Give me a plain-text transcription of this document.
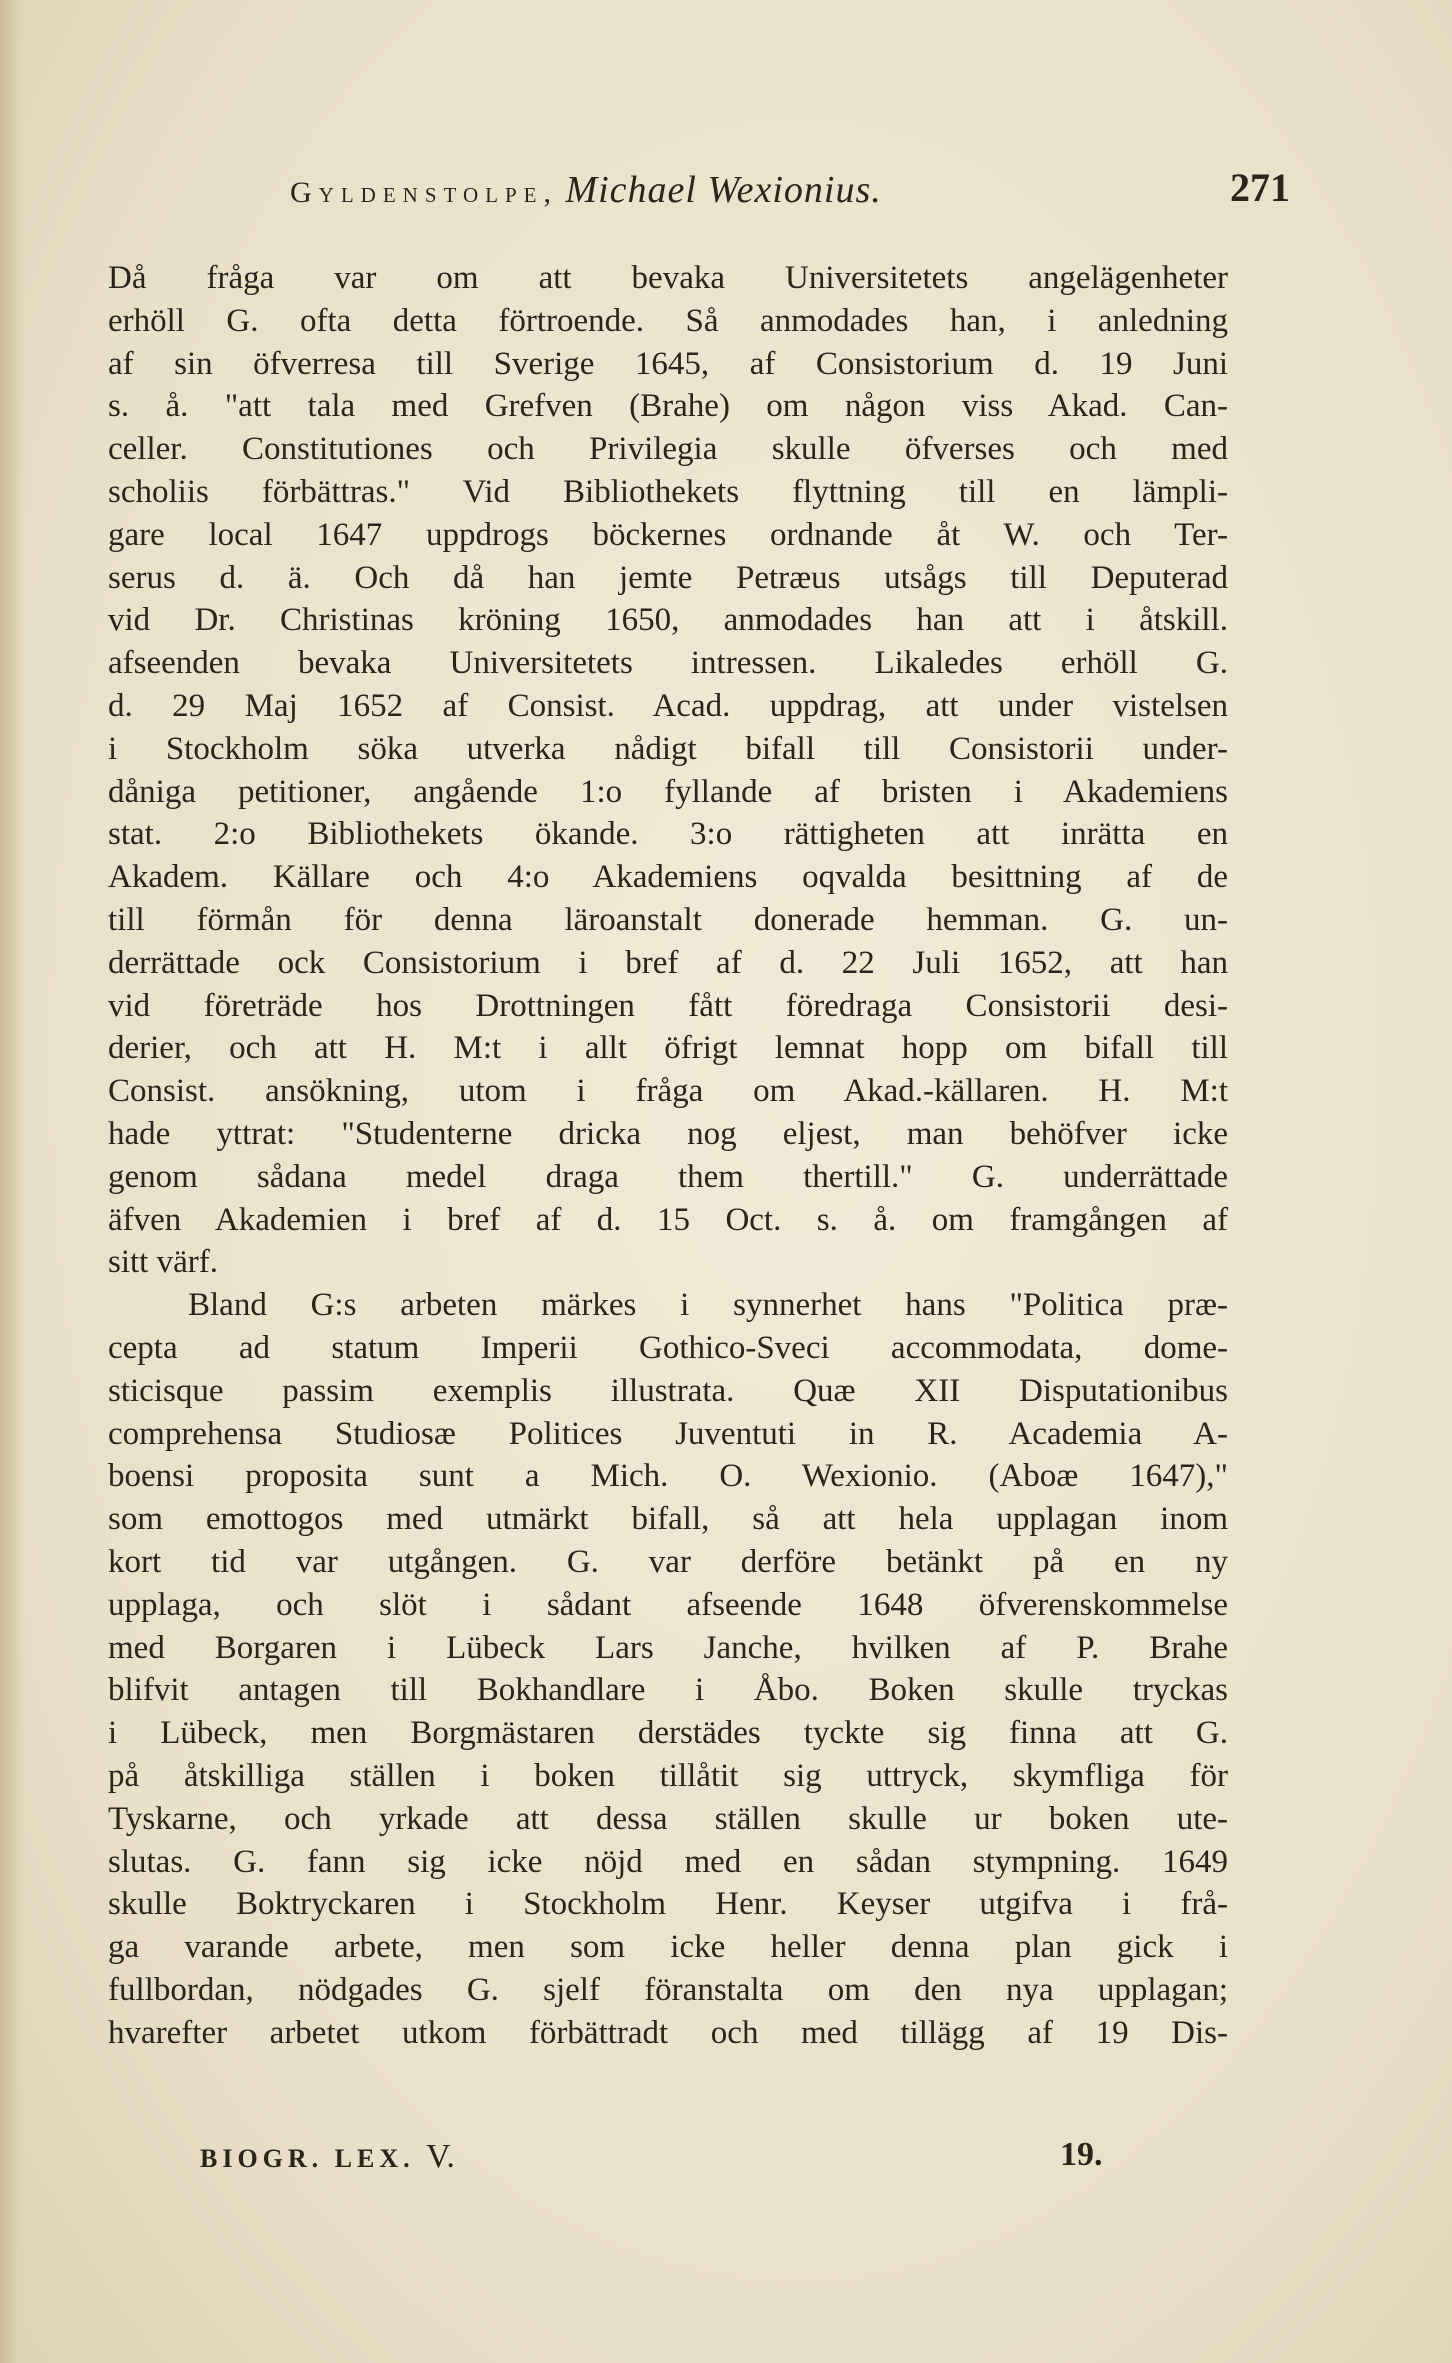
Gyldenstolpe, Michael Wexionius.	271
Då fråga var om att bevaka Universitetets angelägenheter
erhöll G. ofta detta förtroende. Så anmodades han, i anledning
af sin öfverresa till Sverige 1645, af Consistorium d. 19 Juni
s. å. "att tala med Grefven (Brahe) om någon viss Akad. Can-
celler. Constitutiones och Privilegia skulle öfverses och med
scholiis förbättras." Vid Bibliothekets flyttning till en lämpli-
gare local 1647 uppdrogs böckernes ordnande åt W. och Ter-
serus d. ä. Och då han jemte Petræus utsågs till Deputerad
vid Dr. Christinas kröning 1650, anmodades han att i åtskill.
afseenden bevaka Universitetets intressen. Likaledes erhöll G.
d. 29 Maj 1652 af Consist. Acad. uppdrag, att under vistelsen
i Stockholm söka utverka nådigt bifall till Consistorii under-
dåniga petitioner, angående 1:o fyllande af bristen i Akademiens
stat. 2:o Bibliothekets ökande. 3:o rättigheten att inrätta en
Akadem. Källare och 4:o Akademiens oqvalda besittning af de
till förmån för denna läroanstalt donerade hemman. G. un-
derrättade ock Consistorium i bref af d. 22 Juli 1652, att han
vid företräde hos Drottningen fått föredraga Consistorii desi-
derier, och att H. M:t i allt öfrigt lemnat hopp om bifall till
Consist. ansökning, utom i fråga om Akad.-källaren. H. M:t
hade yttrat: "Studenterne dricka nog eljest, man behöfver icke
genom sådana medel draga them thertill." G. underrättade
äfven Akademien i bref af d. 15 Oct. s. å. om framgången af
sitt värf.
Bland G:s arbeten märkes i synnerhet hans "Politica præ-
cepta ad statum Imperii Gothico-Sveci accommodata, dome-
sticisque passim exemplis illustrata. Quæ XII Disputationibus
comprehensa Studiosæ Politices Juventuti in R. Academia A-
boensi proposita sunt a Mich. O. Wexionio. (Aboæ 1647),"
som emottogos med utmärkt bifall, så att hela upplagan inom
kort tid var utgången. G. var derföre betänkt på en ny
upplaga, och slöt i sådant afseende 1648 öfverenskommelse
med Borgaren i Lübeck Lars Janche, hvilken af P. Brahe
blifvit antagen till Bokhandlare i Åbo. Boken skulle tryckas
i Lübeck, men Borgmästaren derstädes tyckte sig finna att G.
på åtskilliga ställen i boken tillåtit sig uttryck, skymfliga för
Tyskarne, och yrkade att dessa ställen skulle ur boken ute-
slutas. G. fann sig icke nöjd med en sådan stympning. 1649
skulle Boktryckaren i Stockholm Henr. Keyser utgifva i frå-
ga varande arbete, men som icke heller denna plan gick i
fullbordan, nödgades G. sjelf föranstalta om den nya upplagan;
hvarefter arbetet utkom förbättradt och med tillägg af 19 Dis-
BIOGR. LEX. V.	19.
